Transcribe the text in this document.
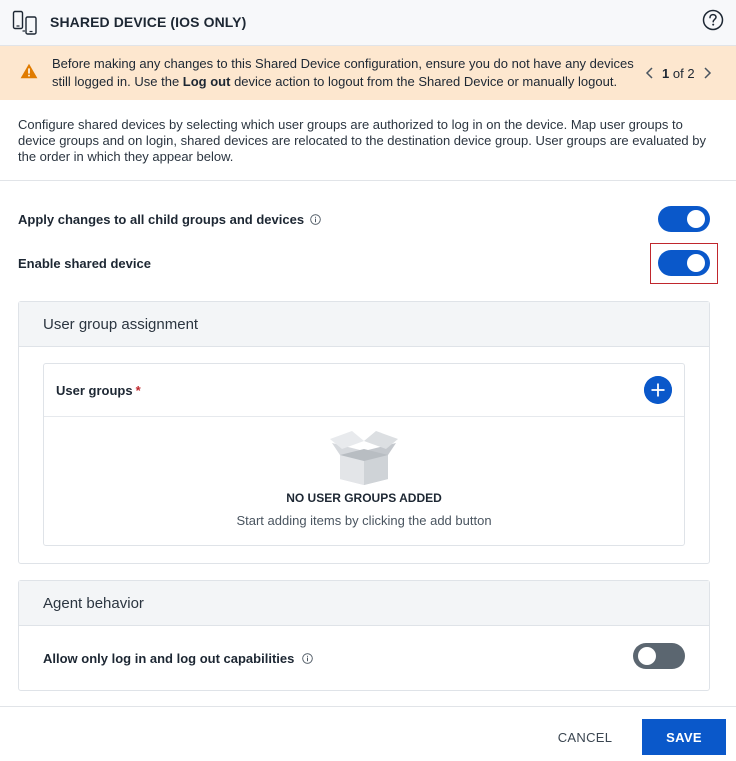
SHARED DEVICE (IOS ONLY)
Before making any changes to this Shared Device configuration, ensure you do not have any devices still logged in. Use the Log out device action to logout from the Shared Device or manually logout.
1 of 2
Configure shared devices by selecting which user groups are authorized to log in on the device. Map user groups to device groups and on login, shared devices are relocated to the destination device group. User groups are evaluated by the order in which they appear below.
Apply changes to all child groups and devices
Enable shared device
User group assignment
User groups *
NO USER GROUPS ADDED
Start adding items by clicking the add button
Agent behavior
Allow only log in and log out capabilities
CANCEL	SAVE
